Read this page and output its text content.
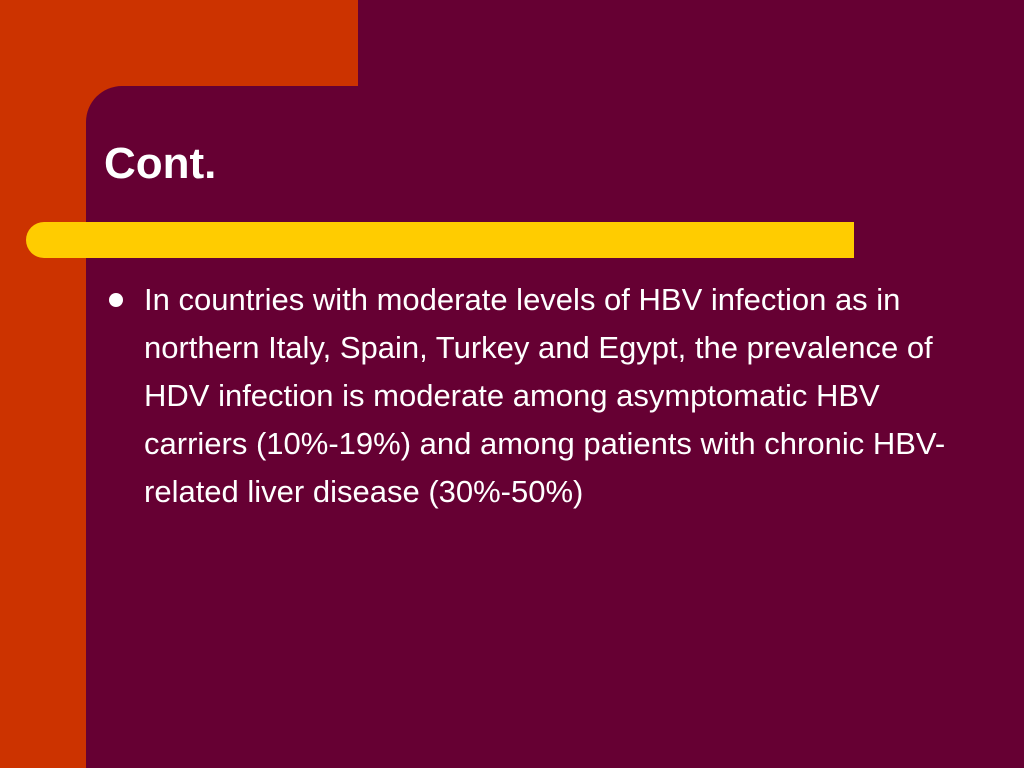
Cont.
In countries with moderate levels of HBV infection as in northern Italy, Spain, Turkey and Egypt, the prevalence of HDV infection is moderate among asymptomatic HBV carriers (10%-19%) and among patients with chronic HBV-related liver disease (30%-50%)
